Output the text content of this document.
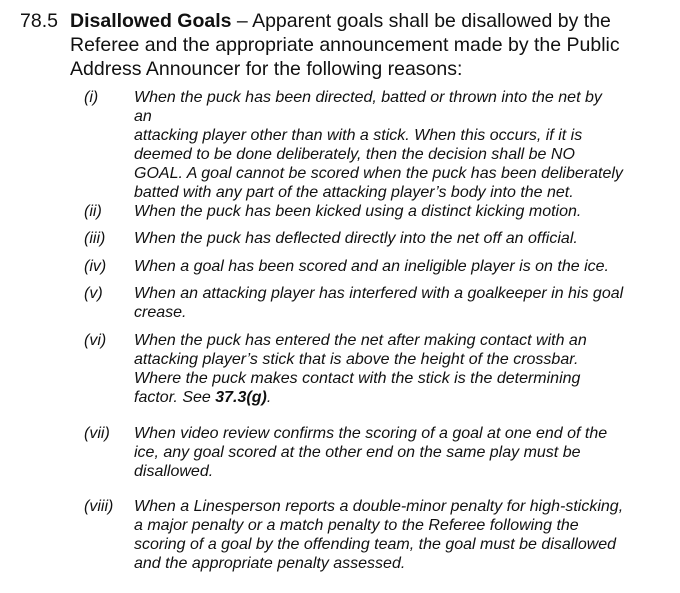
78.5 Disallowed Goals – Apparent goals shall be disallowed by the
Referee and the appropriate announcement made by the Public
Address Announcer for the following reasons:
(i)	When the puck has been directed, batted or thrown into the net by an
attacking player other than with a stick. When this occurs, if it is
deemed to be done deliberately, then the decision shall be NO
GOAL. A goal cannot be scored when the puck has been deliberately
batted with any part of the attacking player’s body into the net.
(ii)	When the puck has been kicked using a distinct kicking motion.
(iii)	When the puck has deflected directly into the net off an official.
(iv)	When a goal has been scored and an ineligible player is on the ice.
(v)	When an attacking player has interfered with a goalkeeper in his goal
crease.
(vi)	When the puck has entered the net after making contact with an
attacking player’s stick that is above the height of the crossbar.
Where the puck makes contact with the stick is the determining
factor. See 37.3(g).
(vii)	When video review confirms the scoring of a goal at one end of the
ice, any goal scored at the other end on the same play must be
disallowed.
(viii)	When a Linesperson reports a double-minor penalty for high-sticking,
a major penalty or a match penalty to the Referee following the
scoring of a goal by the offending team, the goal must be disallowed
and the appropriate penalty assessed.
